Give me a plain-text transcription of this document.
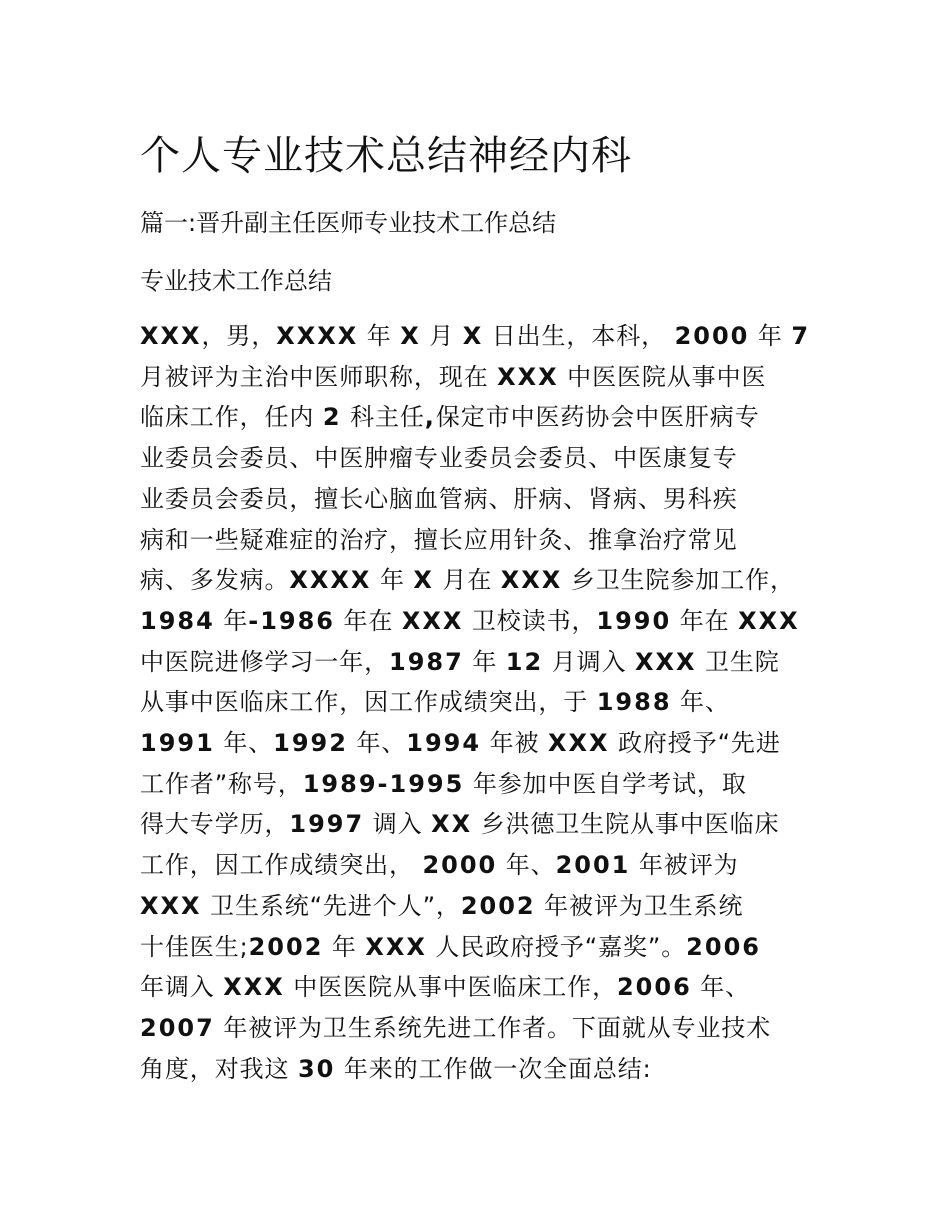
个人专业技术总结神经内科

篇一:晋升副主任医师专业技术工作总结

专业技术工作总结

XXX，男，XXXX 年 X 月 X 日出生，本科， 2000 年 7
月被评为主治中医师职称，现在 XXX 中医医院从事中医
临床工作，任内 2 科主任,保定市中医药协会中医肝病专
业委员会委员、中医肿瘤专业委员会委员、中医康复专
业委员会委员，擅长心脑血管病、肝病、肾病、男科疾
病和一些疑难症的治疗，擅长应用针灸、推拿治疗常见
病、多发病。XXXX 年 X 月在 XXX 乡卫生院参加工作，
1984 年-1986 年在 XXX 卫校读书，1990 年在 XXX
中医院进修学习一年，1987 年 12 月调入 XXX 卫生院
从事中医临床工作，因工作成绩突出，于 1988 年、
1991 年、1992 年、1994 年被 XXX 政府授予“先进
工作者”称号，1989-1995 年参加中医自学考试，取
得大专学历，1997 调入 XX 乡洪德卫生院从事中医临床
工作，因工作成绩突出， 2000 年、2001 年被评为
XXX 卫生系统“先进个人”，2002 年被评为卫生系统
十佳医生;2002 年 XXX 人民政府授予“嘉奖”。2006
年调入 XXX 中医医院从事中医临床工作，2006 年、
2007 年被评为卫生系统先进工作者。下面就从专业技术
角度，对我这 30 年来的工作做一次全面总结:
